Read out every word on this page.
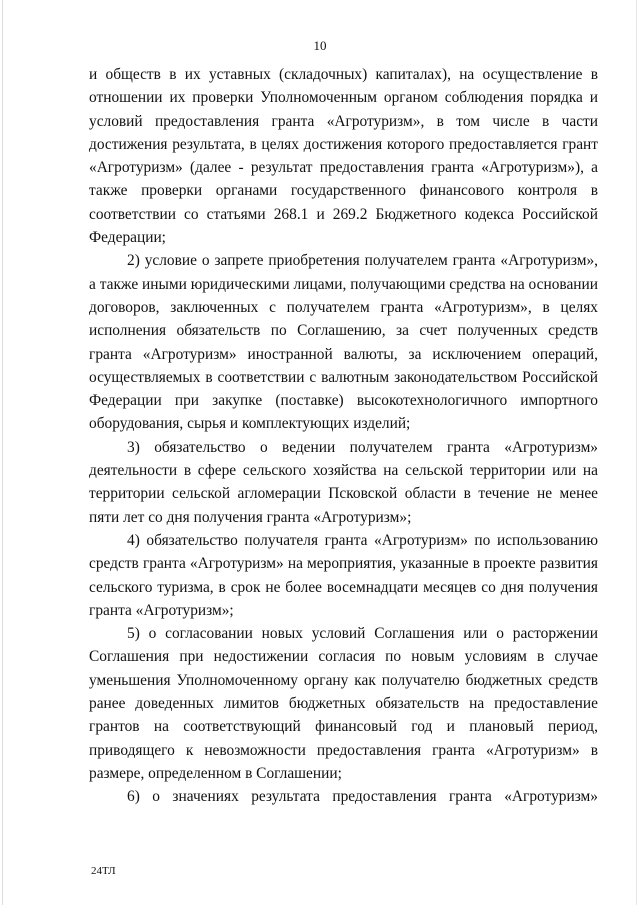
10

и обществ в их уставных (складочных) капиталах), на осуществление в отношении их проверки Уполномоченным органом соблюдения порядка и условий предоставления гранта «Агротуризм», в том числе в части достижения результата, в целях достижения которого предоставляется грант «Агротуризм» (далее - результат предоставления гранта «Агротуризм»), а также проверки органами государственного финансового контроля в соответствии со статьями 268.1 и 269.2 Бюджетного кодекса Российской Федерации;

2) условие о запрете приобретения получателем гранта «Агротуризм», а также иными юридическими лицами, получающими средства на основании договоров, заключенных с получателем гранта «Агротуризм», в целях исполнения обязательств по Соглашению, за счет полученных средств гранта «Агротуризм» иностранной валюты, за исключением операций, осуществляемых в соответствии с валютным законодательством Российской Федерации при закупке (поставке) высокотехнологичного импортного оборудования, сырья и комплектующих изделий;

3) обязательство о ведении получателем гранта «Агротуризм» деятельности в сфере сельского хозяйства на сельской территории или на территории сельской агломерации Псковской области в течение не менее пяти лет со дня получения гранта «Агротуризм»;

4) обязательство получателя гранта «Агротуризм» по использованию средств гранта «Агротуризм» на мероприятия, указанные в проекте развития сельского туризма, в срок не более восемнадцати месяцев со дня получения гранта «Агротуризм»;

5) о согласовании новых условий Соглашения или о расторжении Соглашения при недостижении согласия по новым условиям в случае уменьшения Уполномоченному органу как получателю бюджетных средств ранее доведенных лимитов бюджетных обязательств на предоставление грантов на соответствующий финансовый год и плановый период, приводящего к невозможности предоставления гранта «Агротуризм» в размере, определенном в Соглашении;

6) о значениях результата предоставления гранта «Агротуризм»

24ТЛ
